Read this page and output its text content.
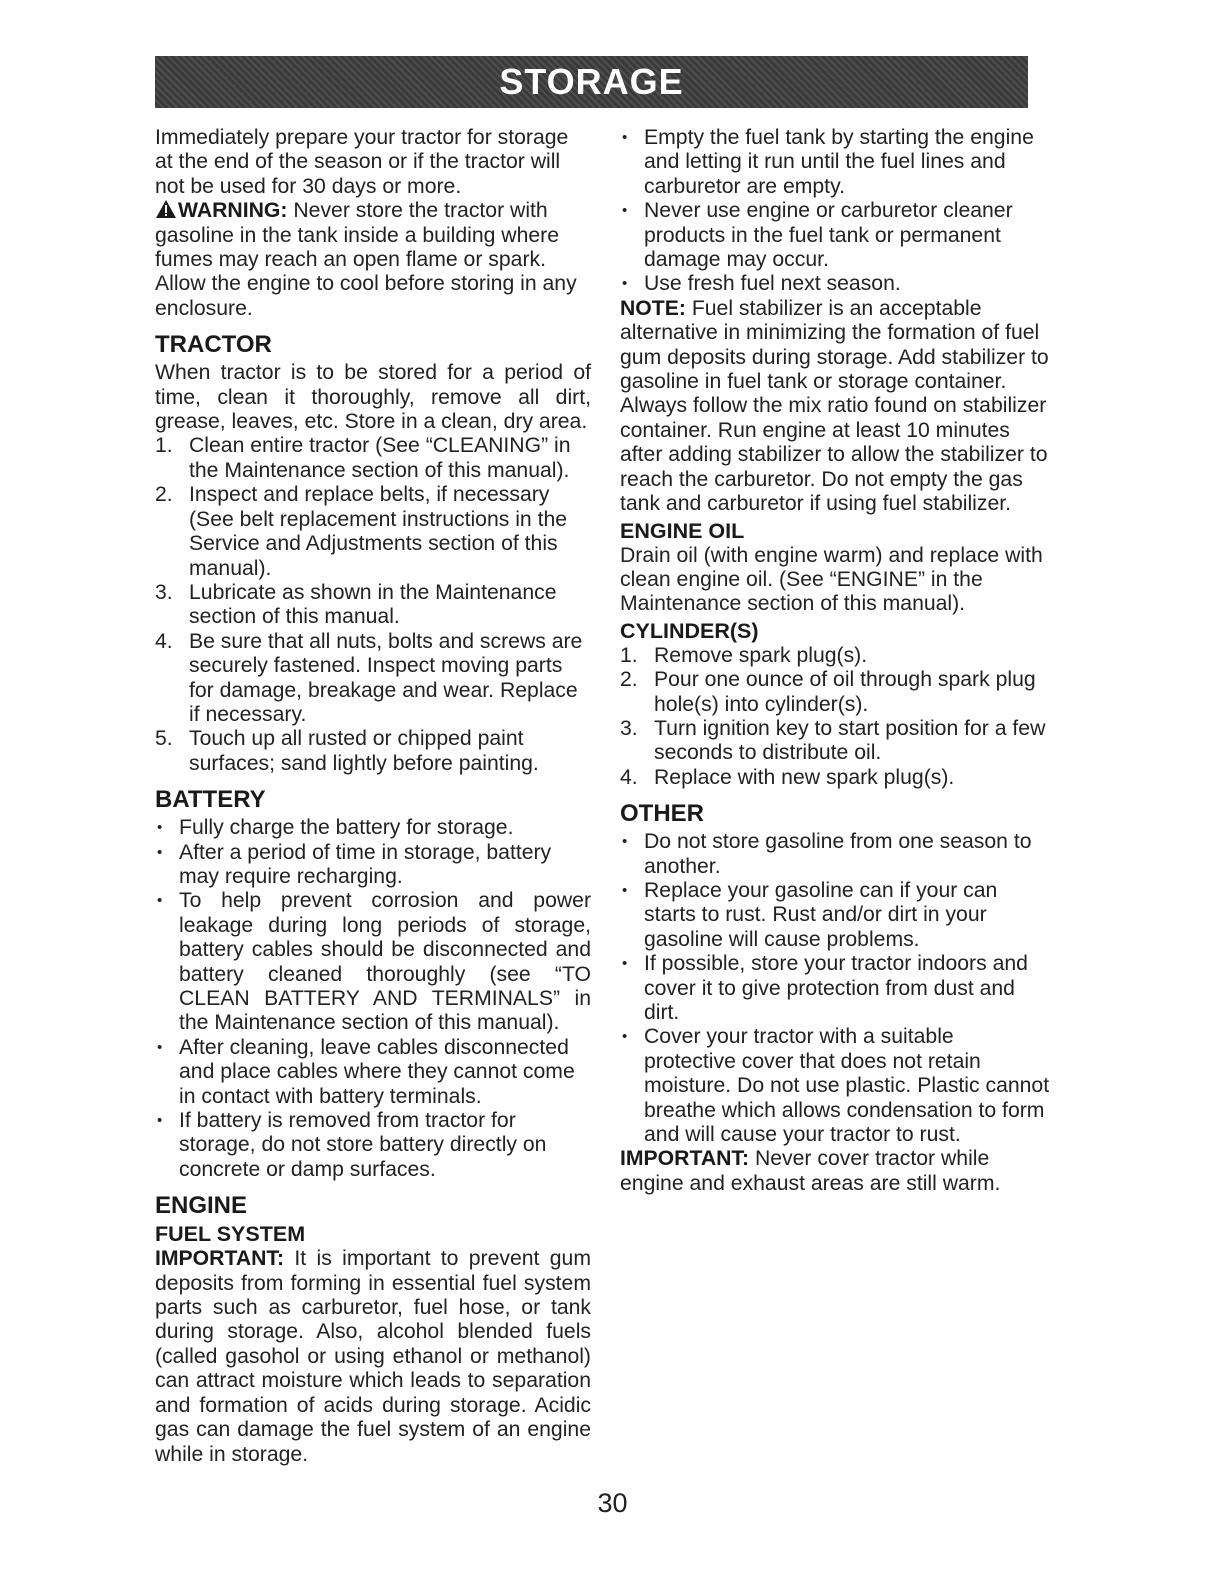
STORAGE

Immediately prepare your tractor for storage at the end of the season or if the tractor will not be used for 30 days or more.

WARNING: Never store the tractor with gasoline in the tank inside a building where fumes may reach an open flame or spark. Allow the engine to cool before storing in any enclosure.

TRACTOR

When tractor is to be stored for a period of time, clean it thoroughly, remove all dirt, grease, leaves, etc. Store in a clean, dry area.

1. Clean entire tractor (See “CLEANING” in the Maintenance section of this manual).
2. Inspect and replace belts, if necessary (See belt replacement instructions in the Service and Adjustments section of this manual).
3. Lubricate as shown in the Maintenance section of this manual.
4. Be sure that all nuts, bolts and screws are securely fastened. Inspect moving parts for damage, breakage and wear. Replace if necessary.
5. Touch up all rusted or chipped paint surfaces; sand lightly before painting.
BATTERY
• Fully charge the battery for storage.
• After a period of time in storage, battery may require recharging.
• To help prevent corrosion and power leakage during long periods of storage, battery cables should be disconnected and battery cleaned thoroughly (see “TO CLEAN BATTERY AND TERMINALS” in the Maintenance section of this manual).
• After cleaning, leave cables disconnected and place cables where they cannot come in contact with battery terminals.
• If battery is removed from tractor for storage, do not store battery directly on concrete or damp surfaces.
ENGINE
FUEL SYSTEM

IMPORTANT: It is important to prevent gum deposits from forming in essential fuel system parts such as carburetor, fuel hose, or tank during storage. Also, alcohol blended fuels (called gasohol or using ethanol or methanol) can attract moisture which leads to separation and formation of acids during storage. Acidic gas can damage the fuel system of an engine while in storage.

• Empty the fuel tank by starting the engine and letting it run until the fuel lines and carburetor are empty.
• Never use engine or carburetor cleaner products in the fuel tank or permanent damage may occur.
• Use fresh fuel next season.

NOTE: Fuel stabilizer is an acceptable alternative in minimizing the formation of fuel gum deposits during storage. Add stabilizer to gasoline in fuel tank or storage container. Always follow the mix ratio found on stabilizer container. Run engine at least 10 minutes after adding stabilizer to allow the stabilizer to reach the carburetor. Do not empty the gas tank and carburetor if using fuel stabilizer.

ENGINE OIL

Drain oil (with engine warm) and replace with clean engine oil. (See “ENGINE” in the Maintenance section of this manual).

CYLINDER(S)
1. Remove spark plug(s).
2. Pour one ounce of oil through spark plug hole(s) into cylinder(s).
3. Turn ignition key to start position for a few seconds to distribute oil.
4. Replace with new spark plug(s).
OTHER
• Do not store gasoline from one season to another.
• Replace your gasoline can if your can starts to rust. Rust and/or dirt in your gasoline will cause problems.
• If possible, store your tractor indoors and cover it to give protection from dust and dirt.
• Cover your tractor with a suitable protective cover that does not retain moisture. Do not use plastic. Plastic cannot breathe which allows condensation to form and will cause your tractor to rust.

IMPORTANT: Never cover tractor while engine and exhaust areas are still warm.

30
